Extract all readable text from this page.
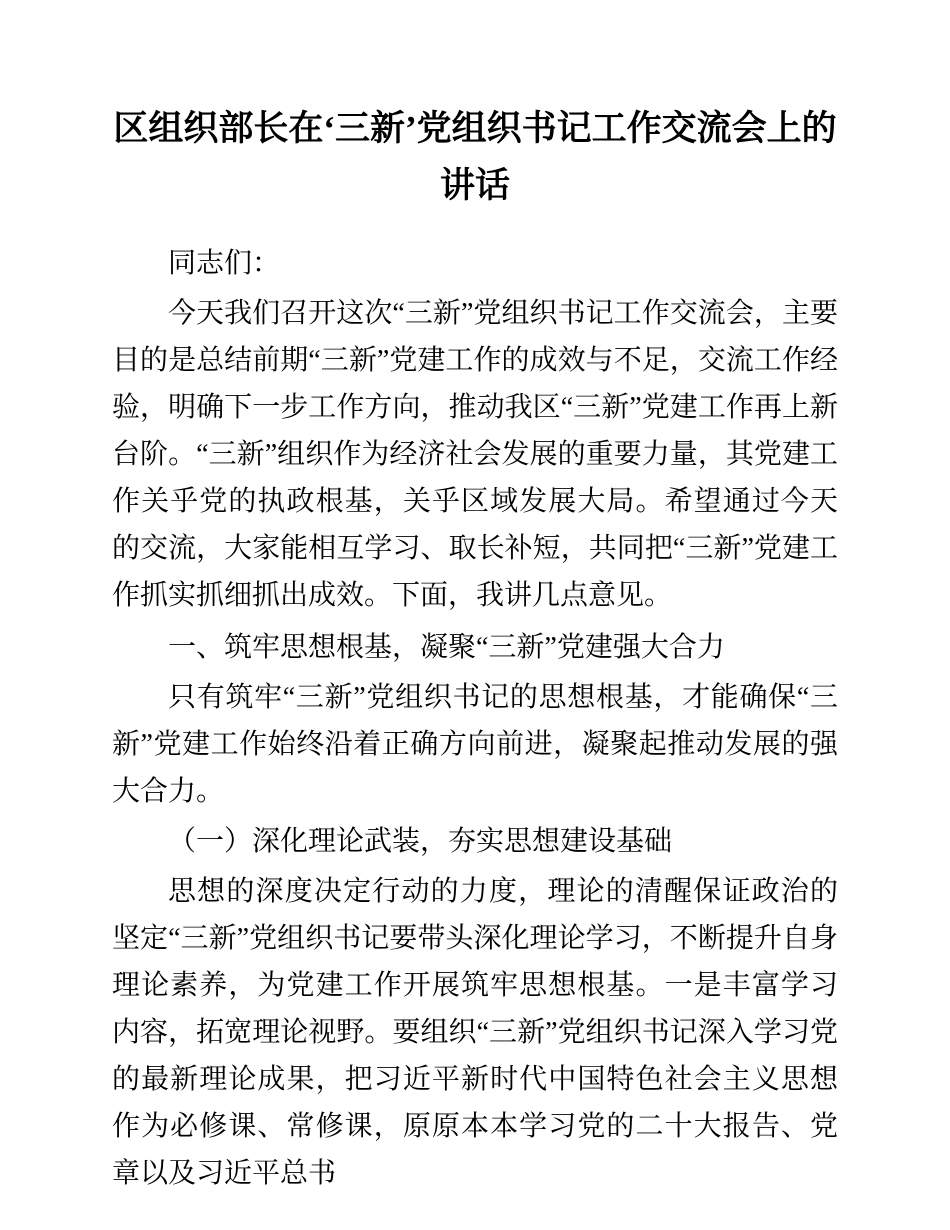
区组织部长在‘三新’党组织书记工作交流会上的讲话

同志们：

今天我们召开这次“三新”党组织书记工作交流会，主要目的是总结前期“三新”党建工作的成效与不足，交流工作经验，明确下一步工作方向，推动我区“三新”党建工作再上新台阶。“三新”组织作为经济社会发展的重要力量，其党建工作关乎党的执政根基，关乎区域发展大局。希望通过今天的交流，大家能相互学习、取长补短，共同把“三新”党建工作抓实抓细抓出成效。下面，我讲几点意见。

一、筑牢思想根基，凝聚“三新”党建强大合力

只有筑牢“三新”党组织书记的思想根基，才能确保“三新”党建工作始终沿着正确方向前进，凝聚起推动发展的强大合力。

（一）深化理论武装，夯实思想建设基础

思想的深度决定行动的力度，理论的清醒保证政治的坚定“三新”党组织书记要带头深化理论学习，不断提升自身理论素养，为党建工作开展筑牢思想根基。一是丰富学习内容，拓宽理论视野。要组织“三新”党组织书记深入学习党的最新理论成果，把习近平新时代中国特色社会主义思想作为必修课、常修课，原原本本学习党的二十大报告、党章以及习近平总书
